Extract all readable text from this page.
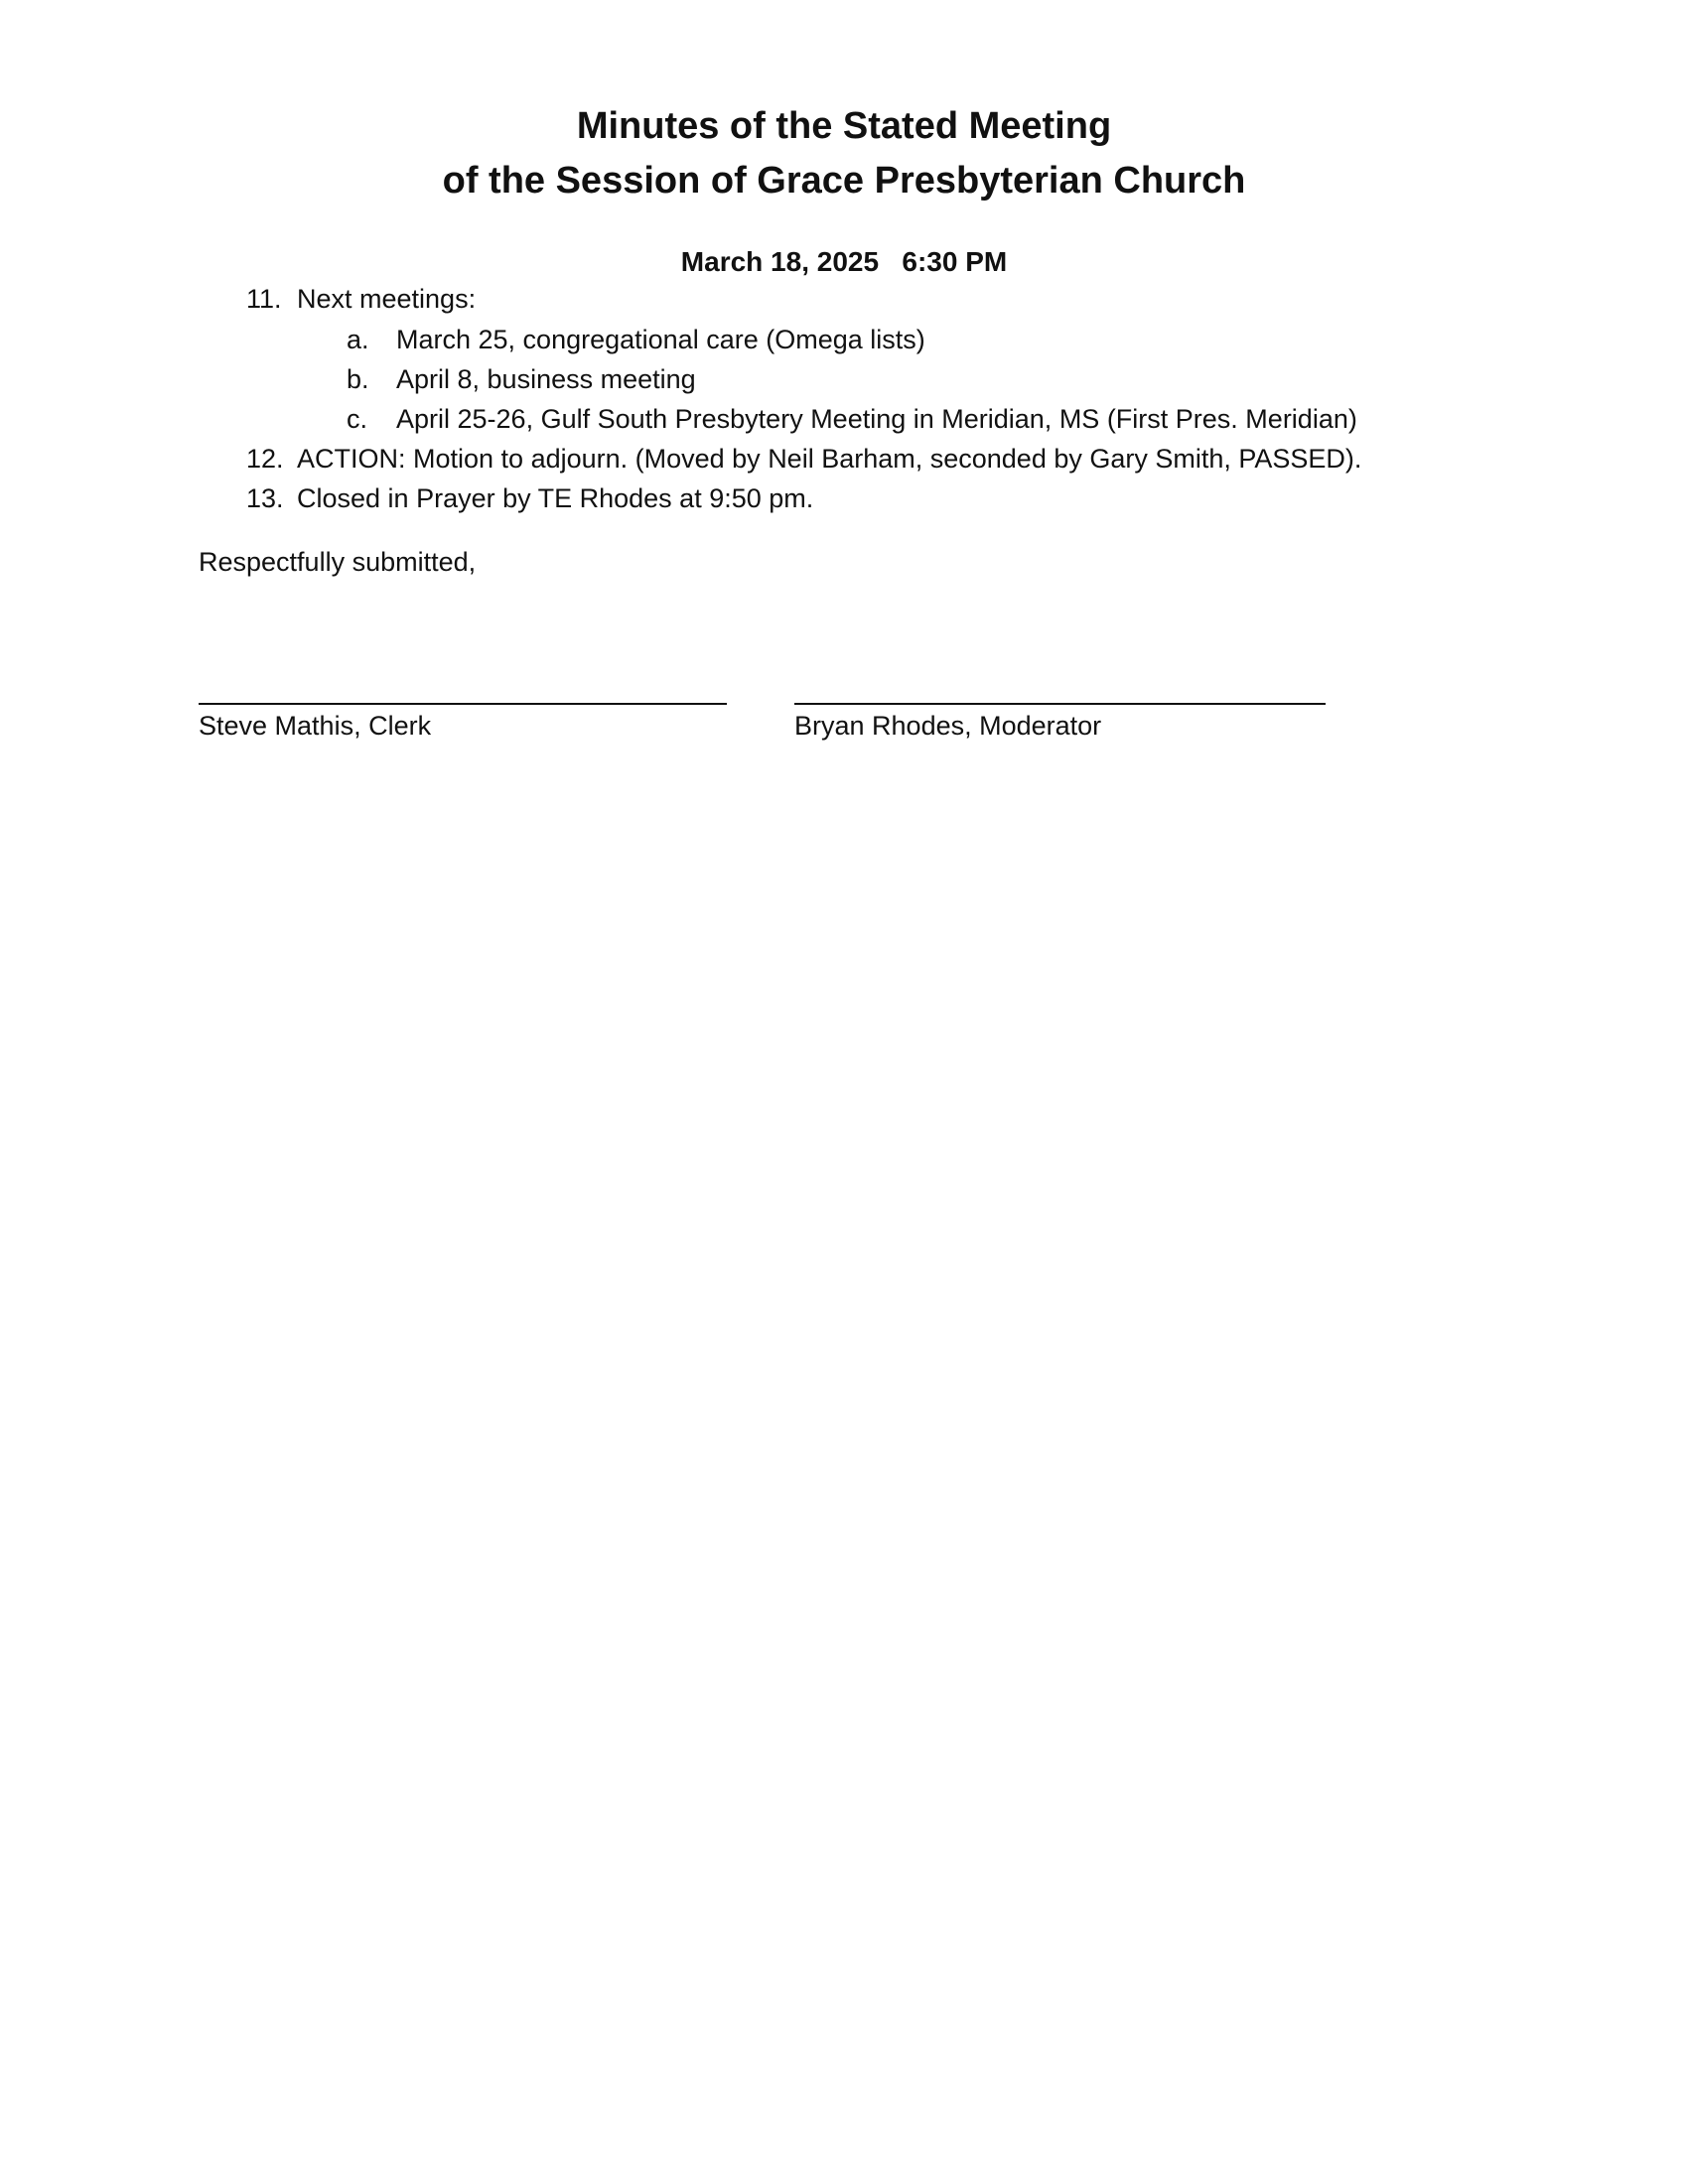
Minutes of the Stated Meeting
of the Session of Grace Presbyterian Church
March 18, 2025   6:30 PM
11. Next meetings:
a. March 25, congregational care (Omega lists)
b. April 8, business meeting
c. April 25-26, Gulf South Presbytery Meeting in Meridian, MS (First Pres. Meridian)
12. ACTION: Motion to adjourn. (Moved by Neil Barham, seconded by Gary Smith, PASSED).
13. Closed in Prayer by TE Rhodes at 9:50 pm.
Respectfully submitted,
Steve Mathis, Clerk	Bryan Rhodes, Moderator
